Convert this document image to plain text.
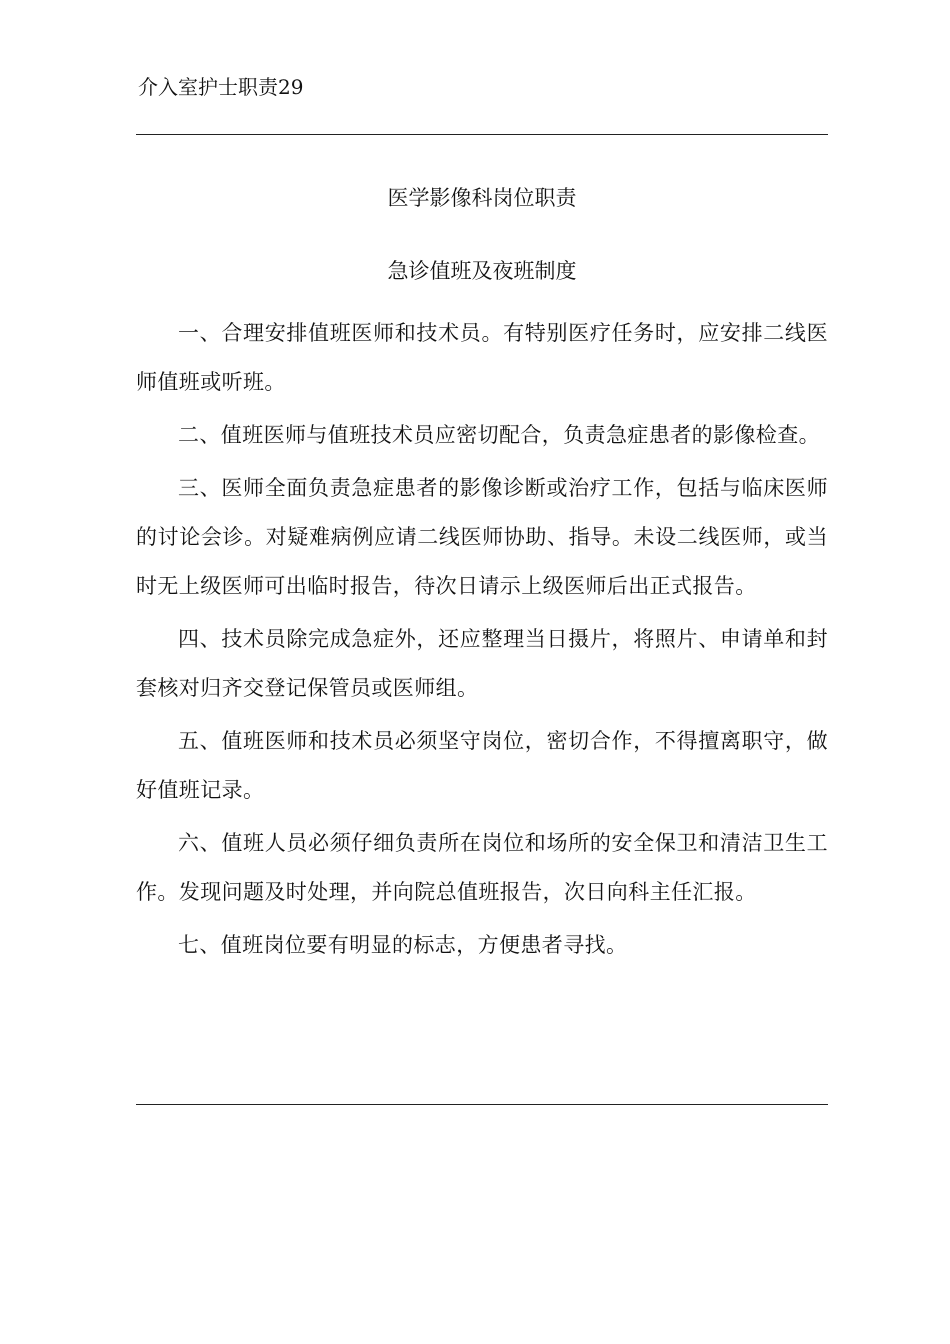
介入室护士职责29
医学影像科岗位职责
急诊值班及夜班制度

一、合理安排值班医师和技术员。有特别医疗任务时，应安排二线医师值班或听班。

二、值班医师与值班技术员应密切配合，负责急症患者的影像检查。

三、医师全面负责急症患者的影像诊断或治疗工作，包括与临床医师的讨论会诊。对疑难病例应请二线医师协助、指导。未设二线医师，或当时无上级医师可出临时报告，待次日请示上级医师后出正式报告。

四、技术员除完成急症外，还应整理当日摄片，将照片、申请单和封套核对归齐交登记保管员或医师组。

五、值班医师和技术员必须坚守岗位，密切合作，不得擅离职守，做好值班记录。

六、值班人员必须仔细负责所在岗位和场所的安全保卫和清洁卫生工作。发现问题及时处理，并向院总值班报告，次日向科主任汇报。

七、值班岗位要有明显的标志，方便患者寻找。
